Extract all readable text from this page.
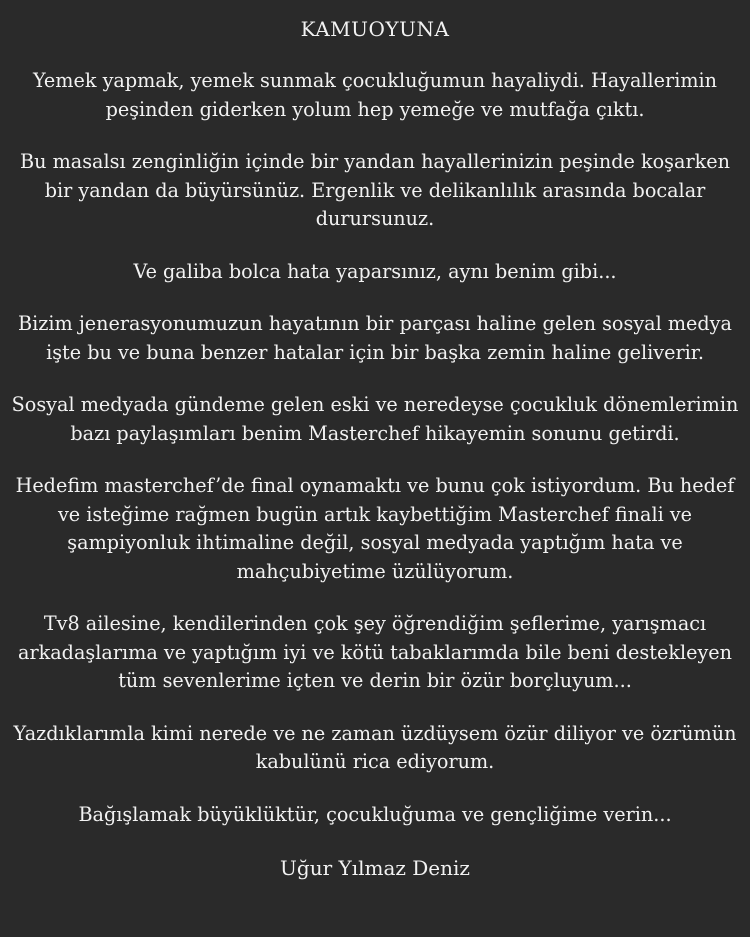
KAMUOYUNA

Yemek yapmak, yemek sunmak çocukluğumun hayaliydi. Hayallerimin peşinden giderken yolum hep yemeğe ve mutfağa çıktı.

Bu masalsı zenginliğin içinde bir yandan hayallerinizin peşinde koşarken bir yandan da büyürsünüz. Ergenlik ve delikanlılık arasında bocalar durursunuz.

Ve galiba bolca hata yaparsınız, aynı benim gibi...

Bizim jenerasyonumuzun hayatının bir parçası haline gelen sosyal medya işte bu ve buna benzer hatalar için bir başka zemin haline geliverir.

Sosyal medyada gündeme gelen eski ve neredeyse çocukluk dönemlerimin bazı paylaşımları benim Masterchef hikayemin sonunu getirdi.

Hedefim masterchef’de final oynamaktı ve bunu çok istiyordum. Bu hedef ve isteğime rağmen bugün artık kaybettiğim Masterchef finali ve şampiyonluk ihtimaline değil, sosyal medyada yaptığım hata ve mahçubiyetime üzülüyorum.

Tv8 ailesine, kendilerinden çok şey öğrendiğim şeflerime, yarışmacı arkadaşlarıma ve yaptığım iyi ve kötü tabaklarımda bile beni destekleyen tüm sevenlerime içten ve derin bir özür borçluyum...

Yazdıklarımla kimi nerede ve ne zaman üzdüysem özür diliyor ve özrümün kabulünü rica ediyorum.

Bağışlamak büyüklüktür, çocukluğuma ve gençliğime verin...

Uğur Yılmaz Deniz
